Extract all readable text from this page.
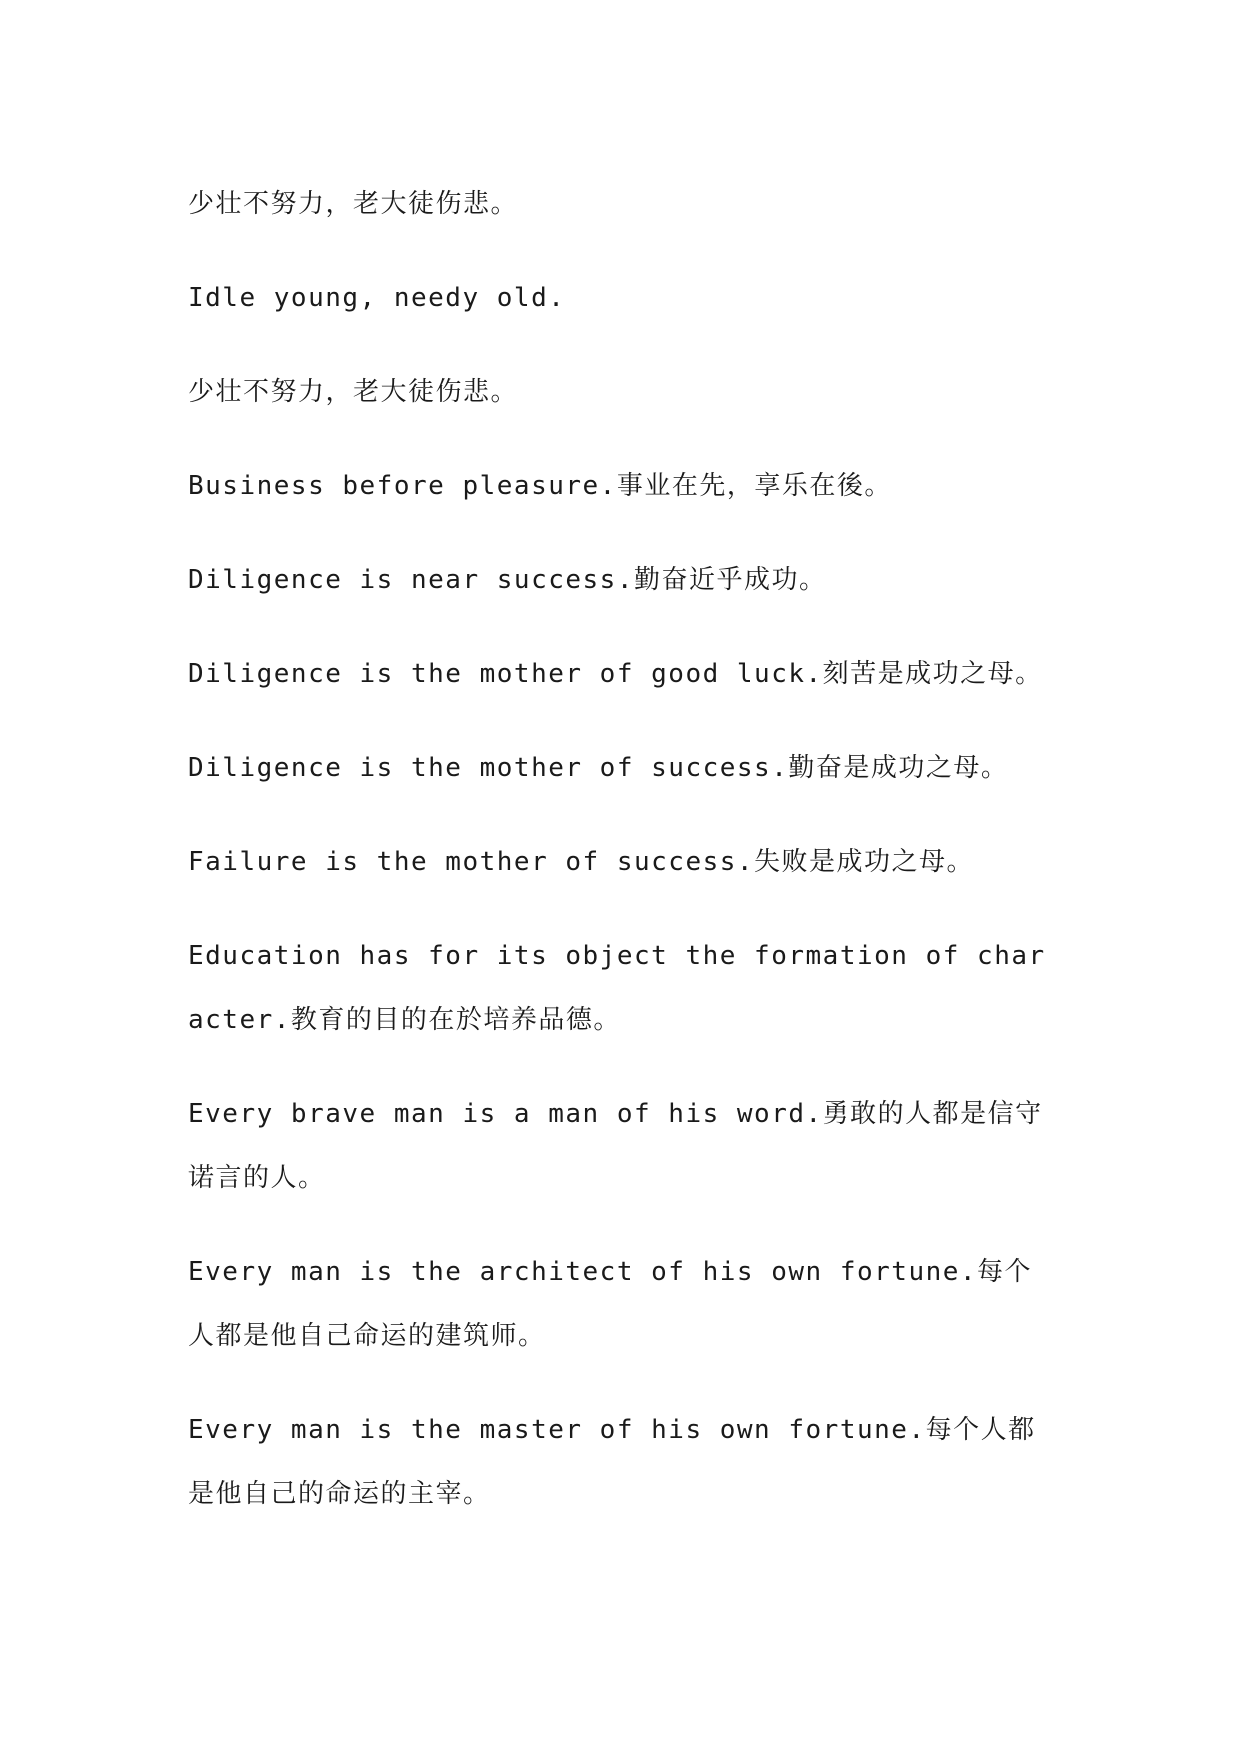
少壮不努力，老大徒伤悲。

Idle young, needy old.

少壮不努力，老大徒伤悲。

Business before pleasure.事业在先，享乐在後。

Diligence is near success.勤奋近乎成功。

Diligence is the mother of good luck.刻苦是成功之母。

Diligence is the mother of success.勤奋是成功之母。

Failure is the mother of success.失败是成功之母。

Education has for its object the formation of character.教育的目的在於培养品德。

Every brave man is a man of his word.勇敢的人都是信守诺言的人。

Every man is the architect of his own fortune.每个人都是他自己命运的建筑师。

Every man is the master of his own fortune.每个人都是他自己的命运的主宰。
